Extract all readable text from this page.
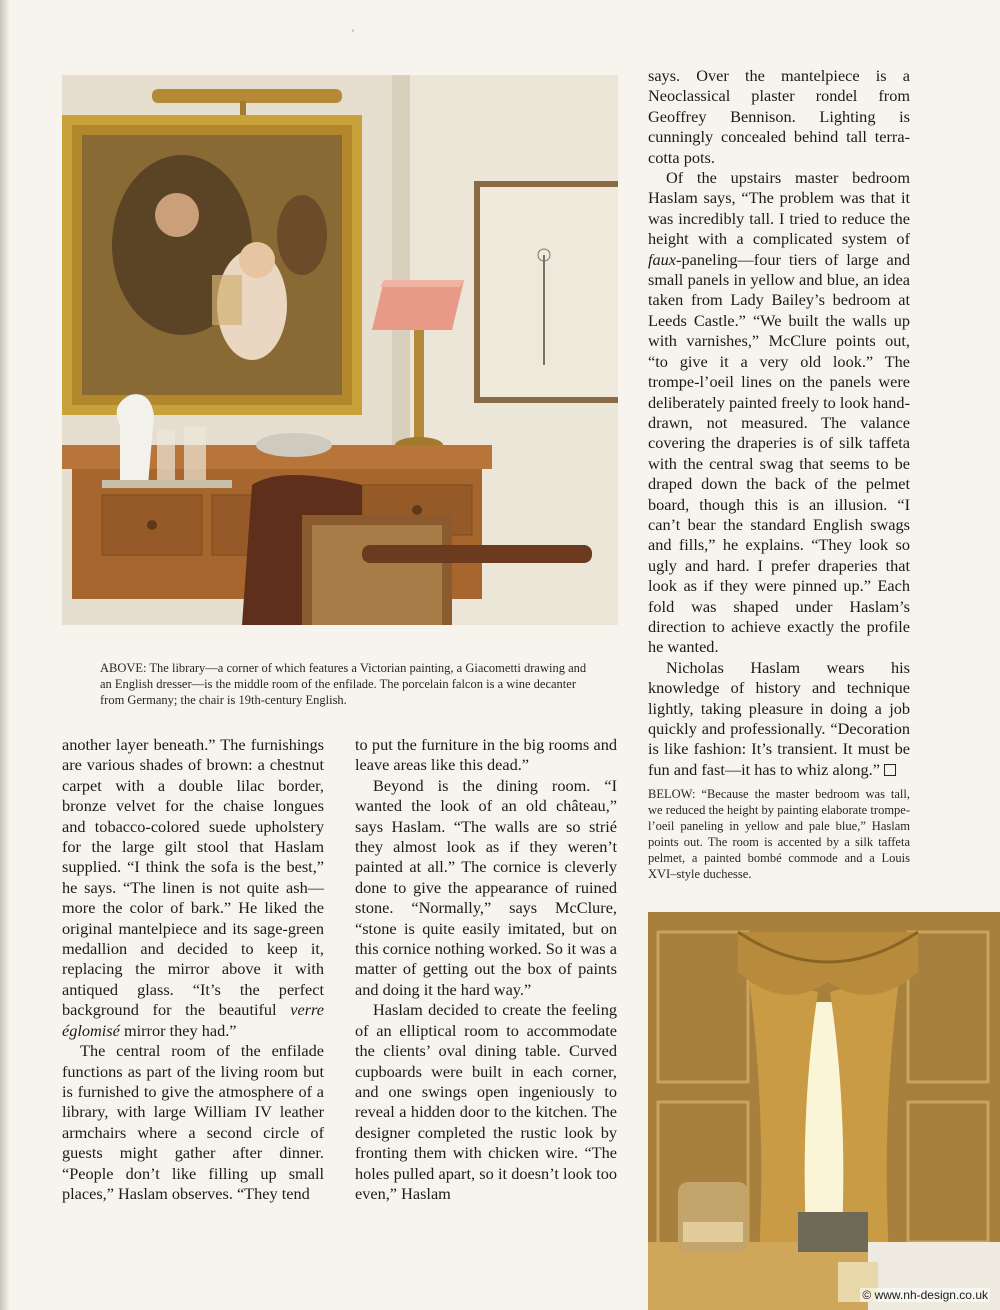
'
ABOVE: The library—a corner of which features a Victorian painting, a Giacometti drawing and an English dresser—is the middle room of the enfilade. The porcelain falcon is a wine decanter from Germany; the chair is 19th-century English.

another layer beneath.” The furnishings are various shades of brown: a chestnut carpet with a double lilac border, bronze velvet for the chaise longues and tobacco-colored suede upholstery for the large gilt stool that Haslam supplied. “I think the sofa is the best,” he says. “The linen is not quite ash—more the color of bark.” He liked the original mantelpiece and its sage-green medallion and decided to keep it, replacing the mirror above it with antiqued glass. “It’s the perfect background for the beautiful verre églomisé mirror they had.”

The central room of the enfilade functions as part of the living room but is furnished to give the atmosphere of a library, with large William IV leather armchairs where a second circle of guests might gather after dinner. “People don’t like filling up small places,” Haslam observes. “They tend

to put the furniture in the big rooms and leave areas like this dead.”

Beyond is the dining room. “I wanted the look of an old château,” says Haslam. “The walls are so strié they almost look as if they weren’t painted at all.” The cornice is cleverly done to give the appearance of ruined stone. “Normally,” says McClure, “stone is quite easily imitated, but on this cornice nothing worked. So it was a matter of getting out the box of paints and doing it the hard way.”

Haslam decided to create the feeling of an elliptical room to accommodate the clients’ oval dining table. Curved cupboards were built in each corner, and one swings open ingeniously to reveal a hidden door to the kitchen. The designer completed the rustic look by fronting them with chicken wire. “The holes pulled apart, so it doesn’t look too even,” Haslam

says. Over the mantelpiece is a Neoclassical plaster rondel from Geoffrey Bennison. Lighting is cunningly concealed behind tall terra-cotta pots.

Of the upstairs master bedroom Haslam says, “The problem was that it was incredibly tall. I tried to reduce the height with a complicated system of faux-paneling—four tiers of large and small panels in yellow and blue, an idea taken from Lady Bailey’s bedroom at Leeds Castle.” “We built the walls up with varnishes,” McClure points out, “to give it a very old look.” The trompe-l’oeil lines on the panels were deliberately painted freely to look hand-drawn, not measured. The valance covering the draperies is of silk taffeta with the central swag that seems to be draped down the back of the pelmet board, though this is an illusion. “I can’t bear the standard English swags and fills,” he explains. “They look so ugly and hard. I prefer draperies that look as if they were pinned up.” Each fold was shaped under Haslam’s direction to achieve exactly the profile he wanted.

Nicholas Haslam wears his knowledge of history and technique lightly, taking pleasure in doing a job quickly and professionally. “Decoration is like fashion: It’s transient. It must be fun and fast—it has to whiz along.”

BELOW: “Because the master bedroom was tall, we reduced the height by painting elaborate trompe-l’oeil paneling in yellow and pale blue,” Haslam points out. The room is accented by a silk taffeta pelmet, a painted bombé commode and a Louis XVI–style duchesse.
© www.nh-design.co.uk
